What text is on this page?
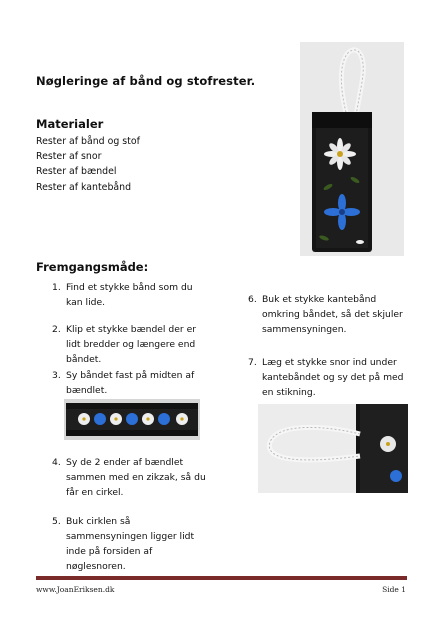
Nøgleringe af bånd og stofrester.
Materialer
Rester af bånd og stof
Rester af snor
Rester af bændel
Rester af kantebånd
Fremgangsmåde:
1. Find et stykke bånd som du kan lide.
2. Klip et stykke bændel der er lidt bredder og længere end båndet.
3. Sy båndet fast på midten af bændlet.
4. Sy de 2 ender af bændlet sammen med en zikzak, så du får en cirkel.
5. Buk cirklen så sammensyningen ligger lidt inde på forsiden af nøglesnoren.
6. Buk et stykke kantebånd omkring båndet, så det skjuler sammensyningen.
7. Læg et stykke snor ind under kantebåndet og sy det på med en stikning.
www.JoanEriksen.dk	Side 1
